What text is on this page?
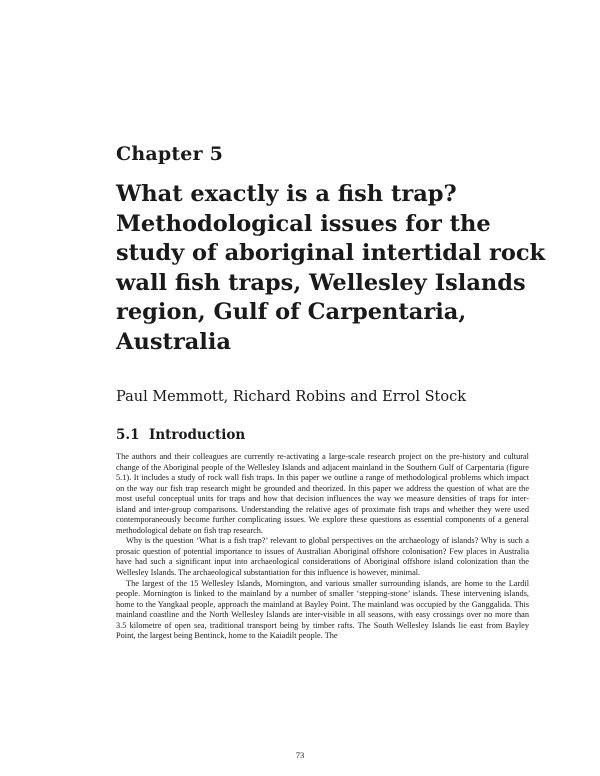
Chapter 5
What exactly is a fish trap?
Methodological issues for the
study of aboriginal intertidal rock
wall fish traps, Wellesley Islands
region, Gulf of Carpentaria,
Australia
Paul Memmott, Richard Robins and Errol Stock
5.1 Introduction

The authors and their colleagues are currently re-activating a large-scale research project on the pre-history and cultural change of the Aboriginal people of the Wellesley Islands and adjacent mainland in the Southern Gulf of Carpentaria (figure 5.1). It includes a study of rock wall fish traps. In this paper we outline a range of methodological problems which impact on the way our fish trap research might be grounded and theorized. In this paper we address the question of what are the most useful conceptual units for traps and how that decision influences the way we measure densities of traps for inter-island and inter-group comparisons. Understanding the relative ages of proximate fish traps and whether they were used contemporaneously become further complicating issues. We explore these questions as essential components of a general methodological debate on fish trap research.

Why is the question ‘What is a fish trap?’ relevant to global perspectives on the archaeology of islands? Why is such a prosaic question of potential importance to issues of Australian Aboriginal offshore colonisation? Few places in Australia have had such a significant input into archaeological considerations of Aboriginal offshore island colonization than the Wellesley Islands. The archaeological substantiation for this influence is however, minimal.

The largest of the 15 Wellesley Islands, Mornington, and various smaller surrounding islands, are home to the Lardil people. Mornington is linked to the mainland by a number of smaller ‘stepping-stone’ islands. These intervening islands, home to the Yangkaal people, approach the mainland at Bayley Point. The mainland was occupied by the Ganggalida. This mainland coastline and the North Wellesley Islands are inter-visible in all seasons, with easy crossings over no more than 3.5 kilometre of open sea, traditional transport being by timber rafts. The South Wellesley Islands lie east from Bayley Point, the largest being Bentinck, home to the Kaiadilt people. The

73
